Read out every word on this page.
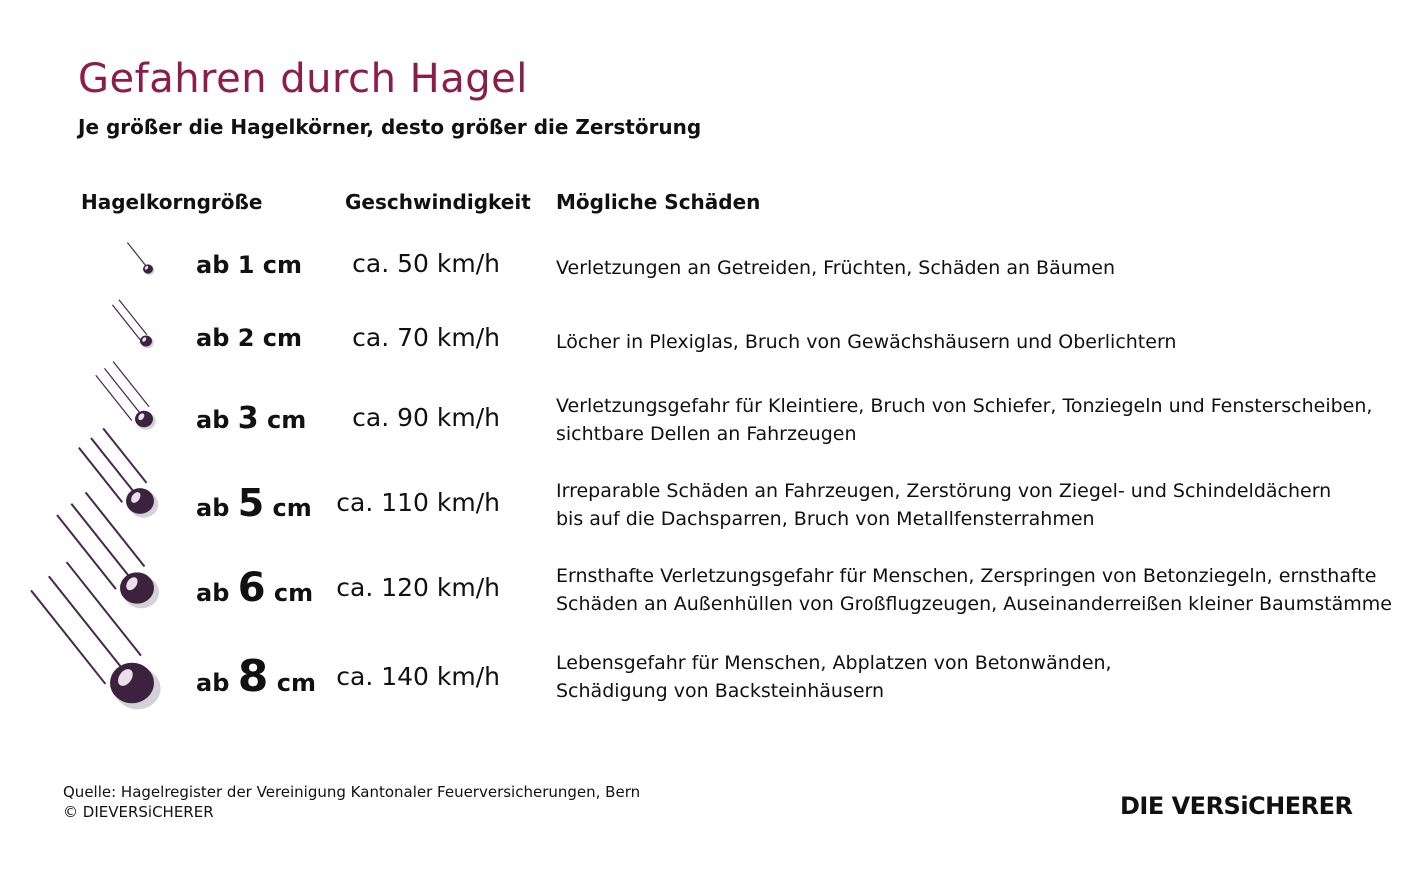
Gefahren durch Hagel
Je größer die Hagelkörner, desto größer die Zerstörung
Hagelkorngröße	Geschwindigkeit Mögliche Schäden
ab 1 cm	ca. 50 km/h	Verletzungen an Getreiden, Früchten, Schäden an Bäumen
ab 2 cm	ca. 70 km/h	Löcher in Plexiglas, Bruch von Gewächshäusern und Oberlichtern
ab 3 cm	ca. 90 km/h	Verletzungsgefahr für Kleintiere, Bruch von Schiefer, Tonziegeln und Fensterscheiben,
sichtbare Dellen an Fahrzeugen
ab 5 cm ca. 110 km/h	Irreparable Schäden an Fahrzeugen, Zerstörung von Ziegel- und Schindeldächern
bis auf die Dachsparren, Bruch von Metallfensterrahmen
ab 6 cm ca. 120 km/h	Ernsthafte Verletzungsgefahr für Menschen, Zerspringen von Betonziegeln, ernsthafte
Schäden an Außenhüllen von Großflugzeugen, Auseinanderreißen kleiner Baumstämme
ab 8 cm ca. 140 km/h	Lebensgefahr für Menschen, Abplatzen von Betonwänden,
Schädigung von Backsteinhäusern
Quelle: Hagelregister der Vereinigung Kantonaler Feuerversicherungen, Bern
© DIEVERSiCHERER	DIE VERSiCHERER
